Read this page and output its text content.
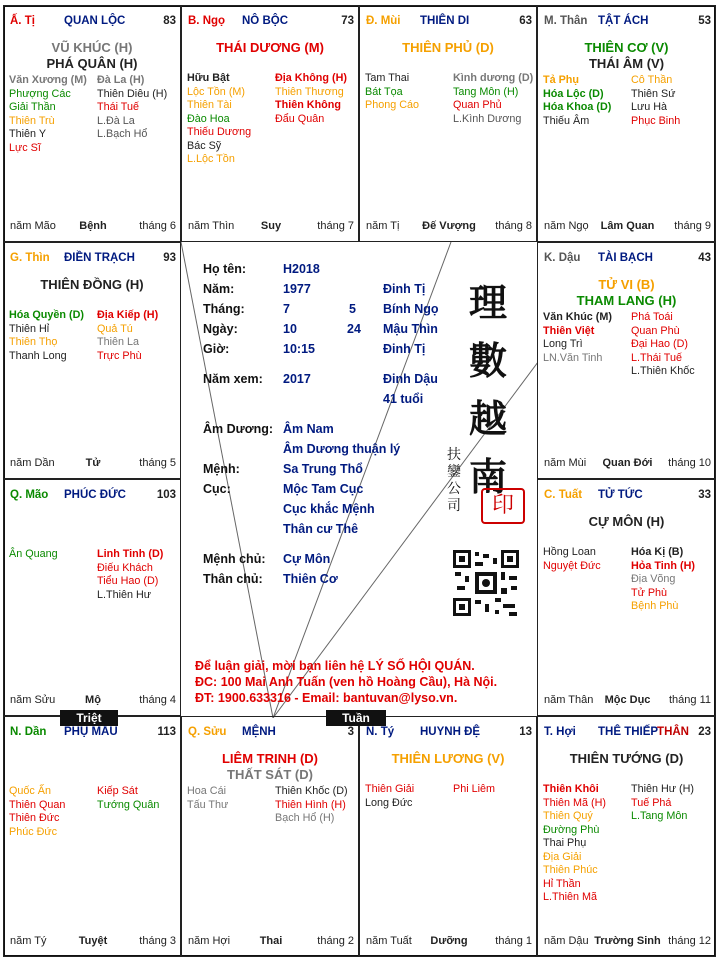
Họ tên:	H2018
Năm:	1977	Đinh Tị
Tháng:	7	5 Bính Ngọ
Ngày:	10	24 Mậu Thìn
Giờ:	10:15	Đinh Tị
Năm xem: 2017	Đinh Dậu
41 tuổi
Âm Dương: Âm Nam
Âm Dương thuận lý
Mệnh:	Sa Trung Thổ
Cục:	Mộc Tam Cục
Cục khắc Mệnh
Thân cư Thê
Mệnh chủ: Cự Môn
Thân chủ: Thiên Cơ
理
數
越
南
扶鑾公司	印
Để luận giải, mời bạn liên hệ LÝ SỐ HỘI QUÁN.
ĐC: 100 Mai Anh Tuấn (ven hồ Hoàng Cầu), Hà Nội.
ĐT: 1900.633316 - Email: bantuvan@lyso.vn.
Ấ. Tị	QUAN LỘC	83
VŨ KHÚC (H)
PHÁ QUÂN (H)
Văn Xương (M)
Phượng Các
Giải Thần
Thiên Trù
Thiên Y
Lực Sĩ
Đà La (H)
Thiên Diêu (H)
Thái Tuế
L.Đà La
L.Bạch Hổ
năm Mão	Bệnh	tháng 6
B. Ngọ NÔ BỘC	73
THÁI DƯƠNG (M)
Hữu Bật
Lộc Tồn (M)
Thiên Tài
Đào Hoa
Thiếu Dương
Bác Sỹ
L.Lộc Tồn
Địa Không (H)
Thiên Thương
Thiên Không
Đẩu Quân
năm Thìn	Suy	tháng 7
Đ. Mùi THIÊN DI	63
THIÊN PHỦ (D)
Tam Thai
Bát Tọa
Phong Cáo
Kình dương (D)
Tang Môn (H)
Quan Phủ
L.Kình Dương
năm Tị	Đế Vượng	tháng 8
M. Thân TẬT ÁCH	53
THIÊN CƠ (V)
THÁI ÂM (V)
Tả Phụ
Hóa Lộc (D)
Hóa Khoa (D)
Thiếu Âm
Cô Thần
Thiên Sứ
Lưu Hà
Phục Binh
năm Ngọ	Lâm Quan	tháng 9
G. Thìn ĐIỀN TRẠCH 93
THIÊN ĐỒNG (H)
Hóa Quyền (D)
Thiên Hỉ
Thiên Thọ
Thanh Long
Địa Kiếp (H)
Quả Tú
Thiên La
Trực Phù
năm Dần	Tử	tháng 5
K. Dậu TÀI BẠCH	43
TỬ VI (B)
THAM LANG (H)
Văn Khúc (M)
Thiên Việt
Long Trì
LN.Văn Tinh
Phá Toái
Quan Phù
Đại Hao (D)
L.Thái Tuế
L.Thiên Khốc
năm Mùi	Quan Đới	tháng 10
Q. Mão PHÚC ĐỨC	103
Ân Quang	Linh Tinh (D)
Điếu Khách
Tiểu Hao (D)
L.Thiên Hư
năm Sửu	Mộ	tháng 4
C. Tuất TỬ TỨC	33
CỰ MÔN (H)
Hồng Loan
Nguyệt Đức
Hóa Kị (B)
Hỏa Tinh (H)
Địa Võng
Tử Phù
Bệnh Phù
năm Thân	Mộc Dục	tháng 11
N. Dần PHỤ MẪU	113
Quốc Ấn
Thiên Quan
Thiên Đức
Phúc Đức
Kiếp Sát
Tướng Quân
năm Tý	Tuyệt	tháng 3
Q. Sửu MỆNH	3
LIÊM TRINH (D)
THẤT SÁT (D)
Hoa Cái
Tấu Thư
Thiên Khốc (D)
Thiên Hình (H)
Bạch Hổ (H)
năm Hợi	Thai	tháng 2
N. Tý HUYNH ĐỆ	13
THIÊN LƯƠNG (V)
Thiên Giải
Long Đức
Phi Liêm
năm Tuất	Dưỡng	tháng 1
T. Hợi THÊ THIẾP
THÂN 23
THIÊN TƯỚNG (D)
Thiên Khôi
Thiên Mã (H)
Thiên Quý
Đường Phù
Thai Phụ
Địa Giải
Thiên Phúc
Hỉ Thần
L.Thiên Mã
Thiên Hư (H)
Tuế Phá
L.Tang Môn
năm Dậu Trường Sinh tháng 12
Triệt	Tuần
